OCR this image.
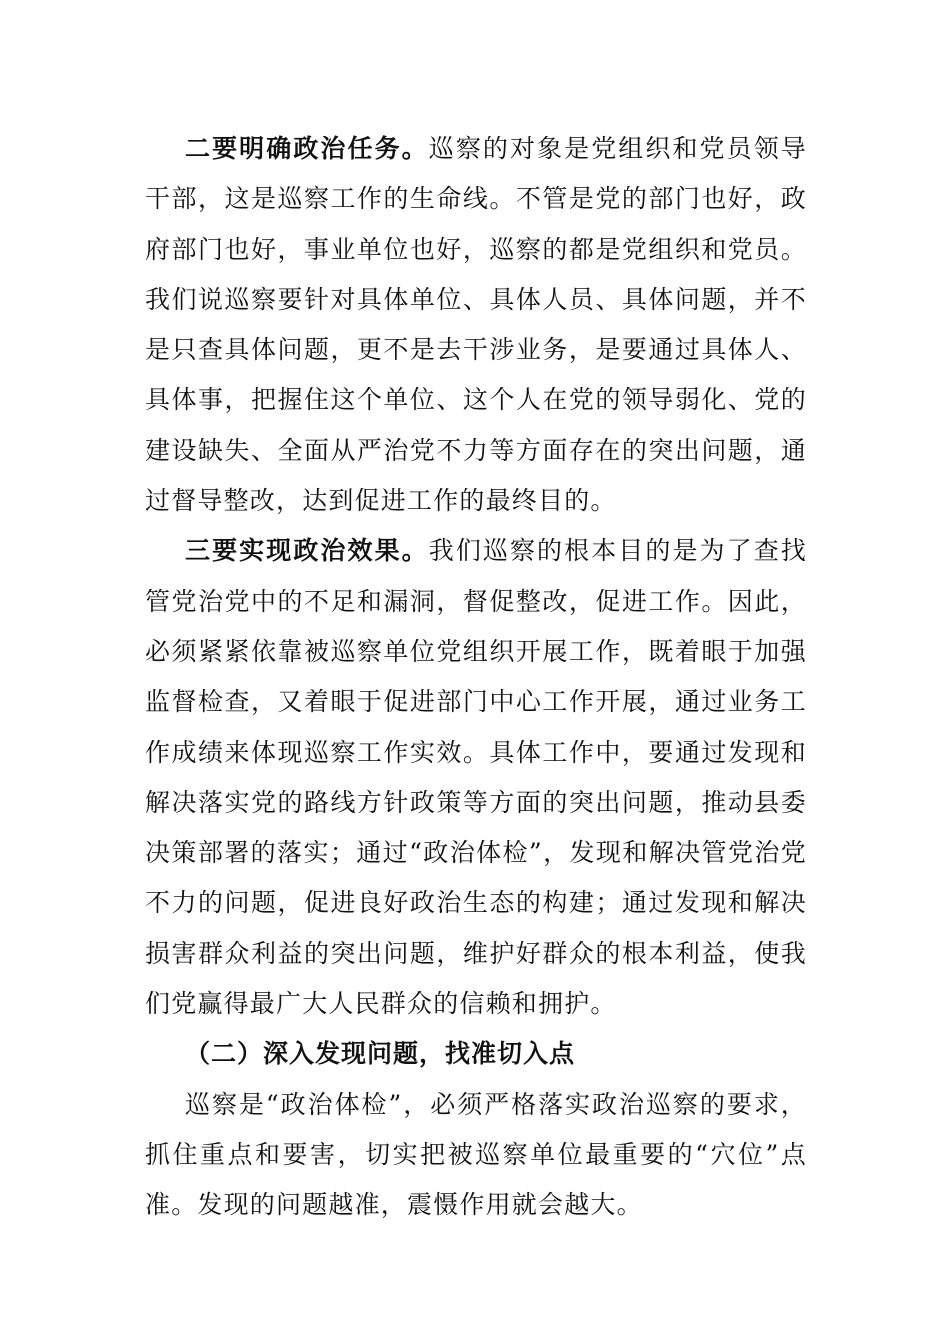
二要明确政治任务。巡察的对象是党组织和党员领导干部，这是巡察工作的生命线。不管是党的部门也好，政府部门也好，事业单位也好，巡察的都是党组织和党员。我们说巡察要针对具体单位、具体人员、具体问题，并不是只查具体问题，更不是去干涉业务，是要通过具体人、具体事，把握住这个单位、这个人在党的领导弱化、党的建设缺失、全面从严治党不力等方面存在的突出问题，通过督导整改，达到促进工作的最终目的。

三要实现政治效果。我们巡察的根本目的是为了查找管党治党中的不足和漏洞，督促整改，促进工作。因此，必须紧紧依靠被巡察单位党组织开展工作，既着眼于加强监督检查，又着眼于促进部门中心工作开展，通过业务工作成绩来体现巡察工作实效。具体工作中，要通过发现和解决落实党的路线方针政策等方面的突出问题，推动县委决策部署的落实；通过“政治体检”，发现和解决管党治党不力的问题，促进良好政治生态的构建；通过发现和解决损害群众利益的突出问题，维护好群众的根本利益，使我们党赢得最广大人民群众的信赖和拥护。

（二）深入发现问题，找准切入点

巡察是“政治体检”，必须严格落实政治巡察的要求，抓住重点和要害，切实把被巡察单位最重要的“穴位”点准。发现的问题越准，震慑作用就会越大。
